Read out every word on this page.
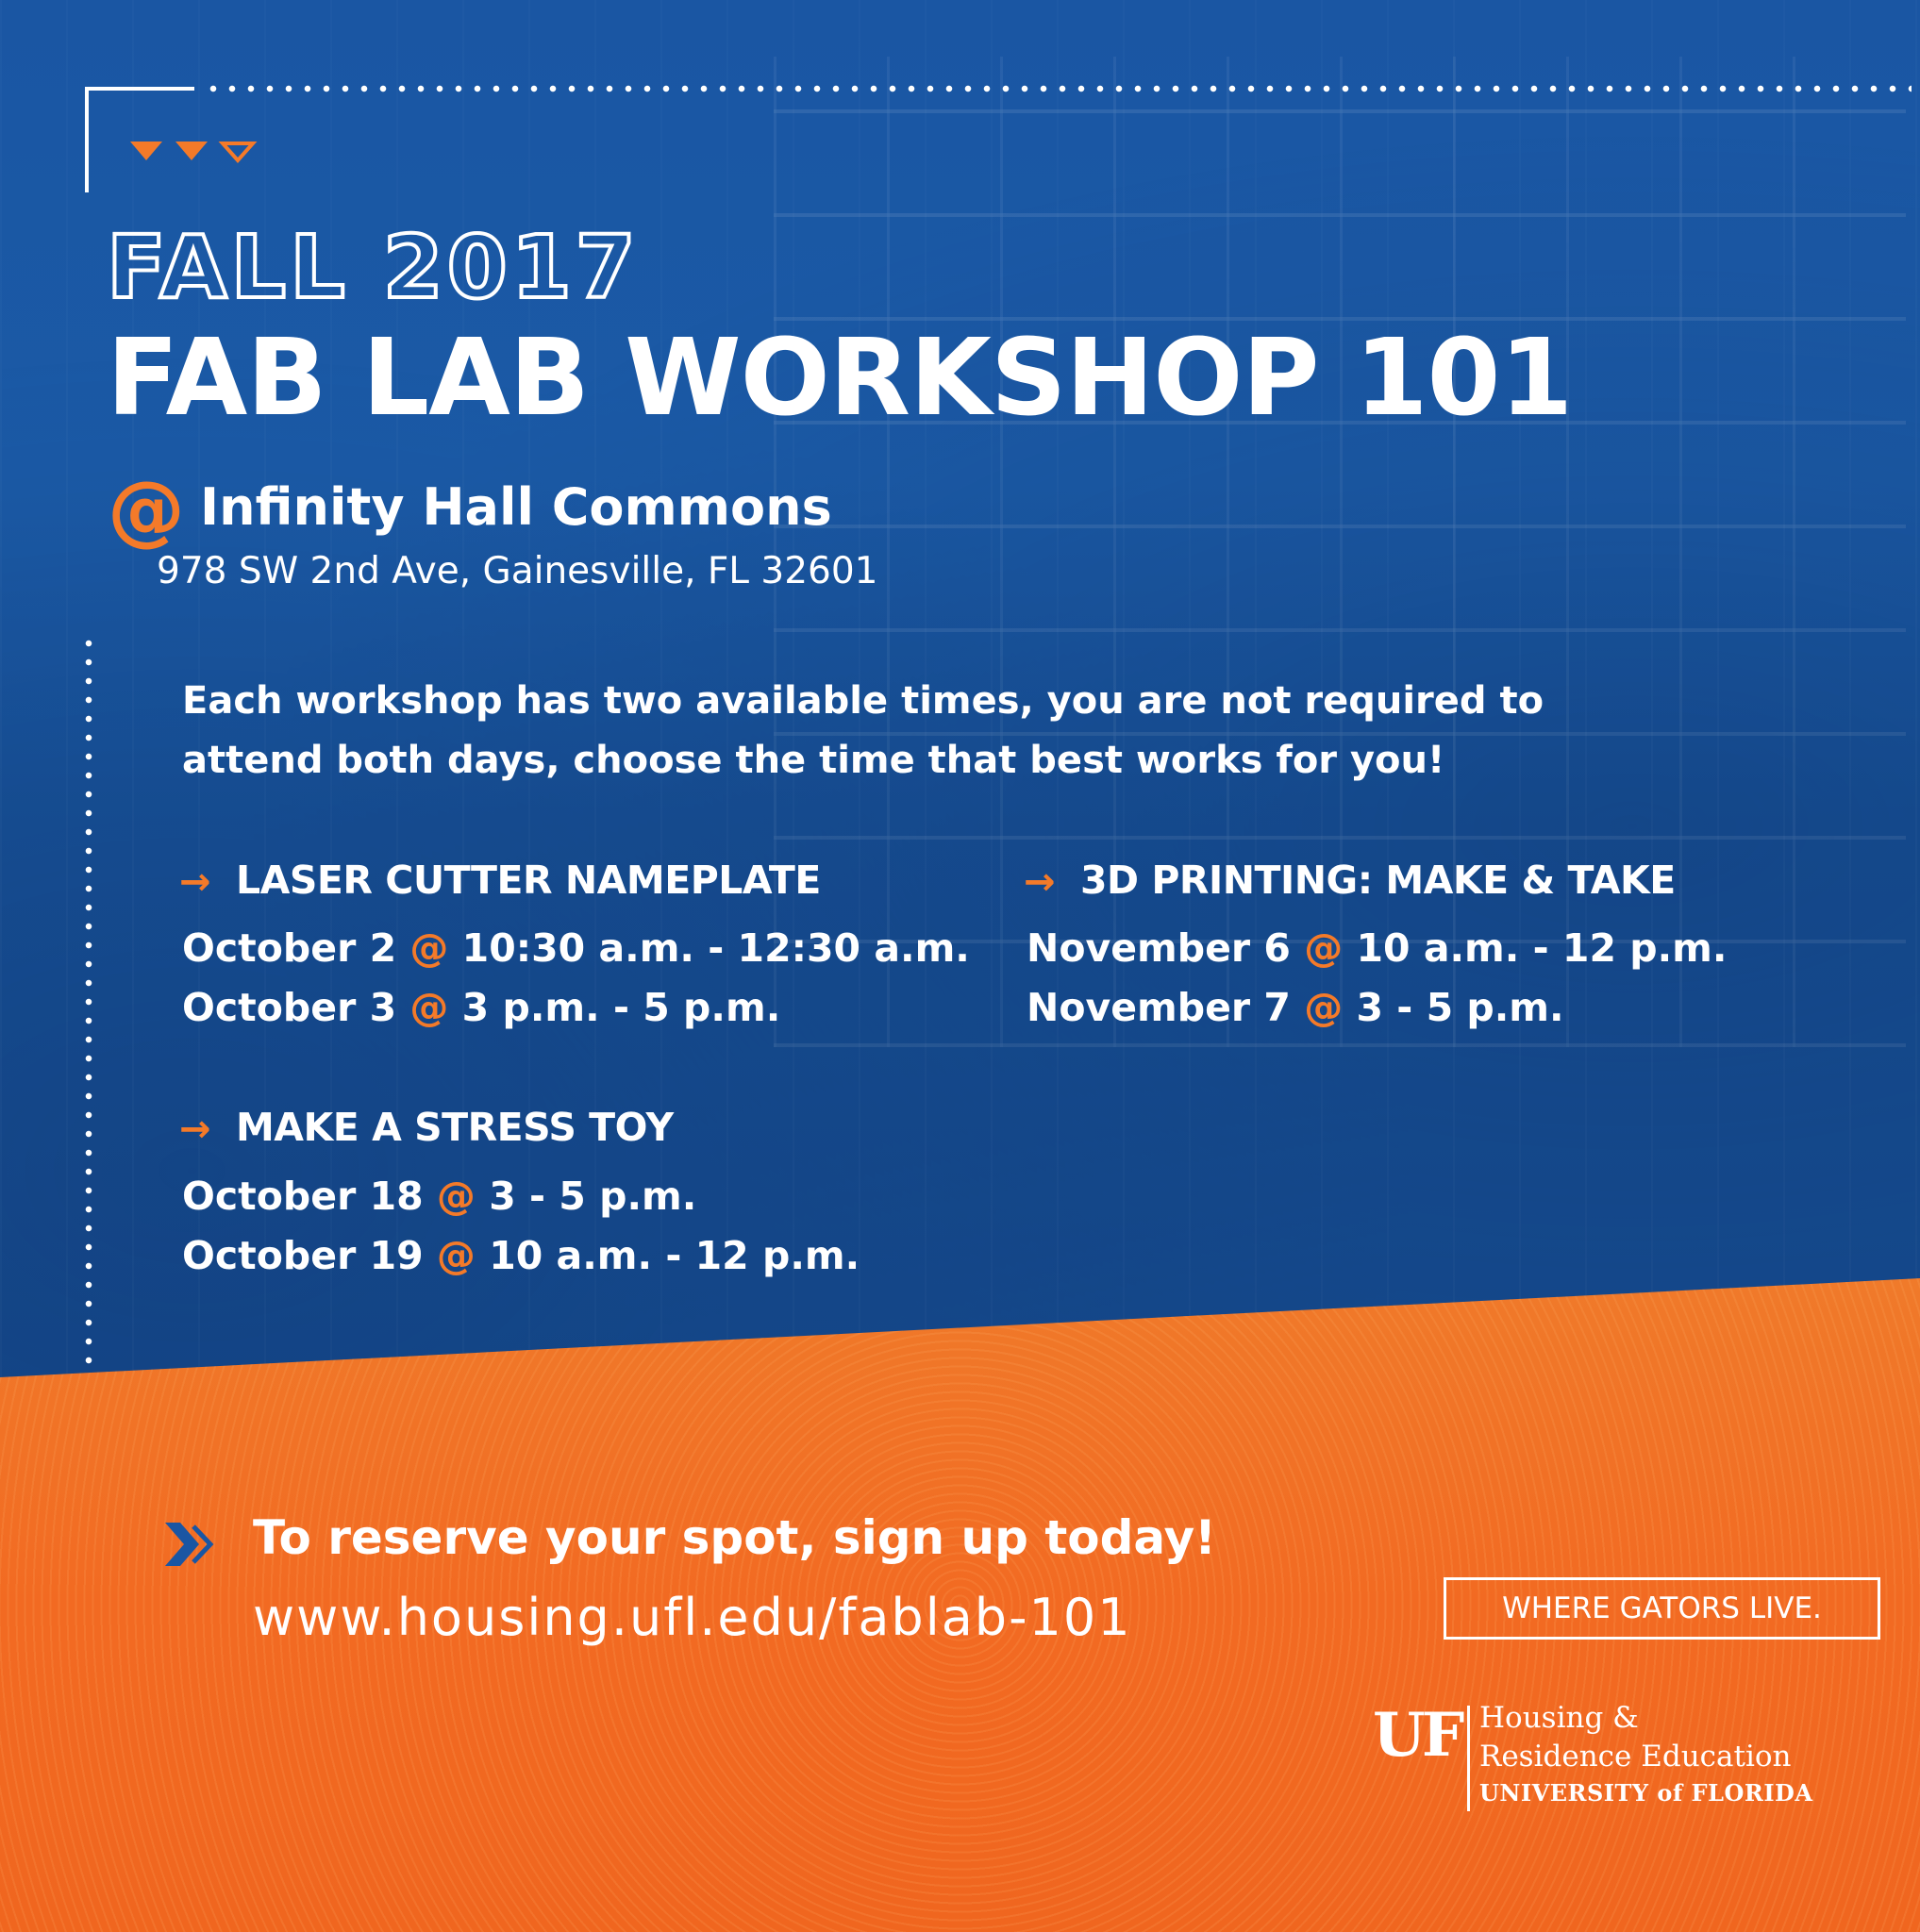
FALL 2017
FAB LAB WORKSHOP 101
@ Infinity Hall Commons
978 SW 2nd Ave, Gainesville, FL 32601
Each workshop has two available times, you are not required to attend both days, choose the time that best works for you!
→ LASER CUTTER NAMEPLATE
October 2 @ 10:30 a.m. - 12:30 a.m.
October 3 @ 3 p.m. - 5 p.m.
→ 3D PRINTING: MAKE & TAKE
November 6 @ 10 a.m. - 12 p.m.
November 7 @ 3 - 5 p.m.
→ MAKE A STRESS TOY
October 18 @ 3 - 5 p.m.
October 19 @ 10 a.m. - 12 p.m.
To reserve your spot, sign up today!
www.housing.ufl.edu/fablab-101	WHERE GATORS LIVE.
UF Housing &
Residence Education
UNIVERSITY of FLORIDA
